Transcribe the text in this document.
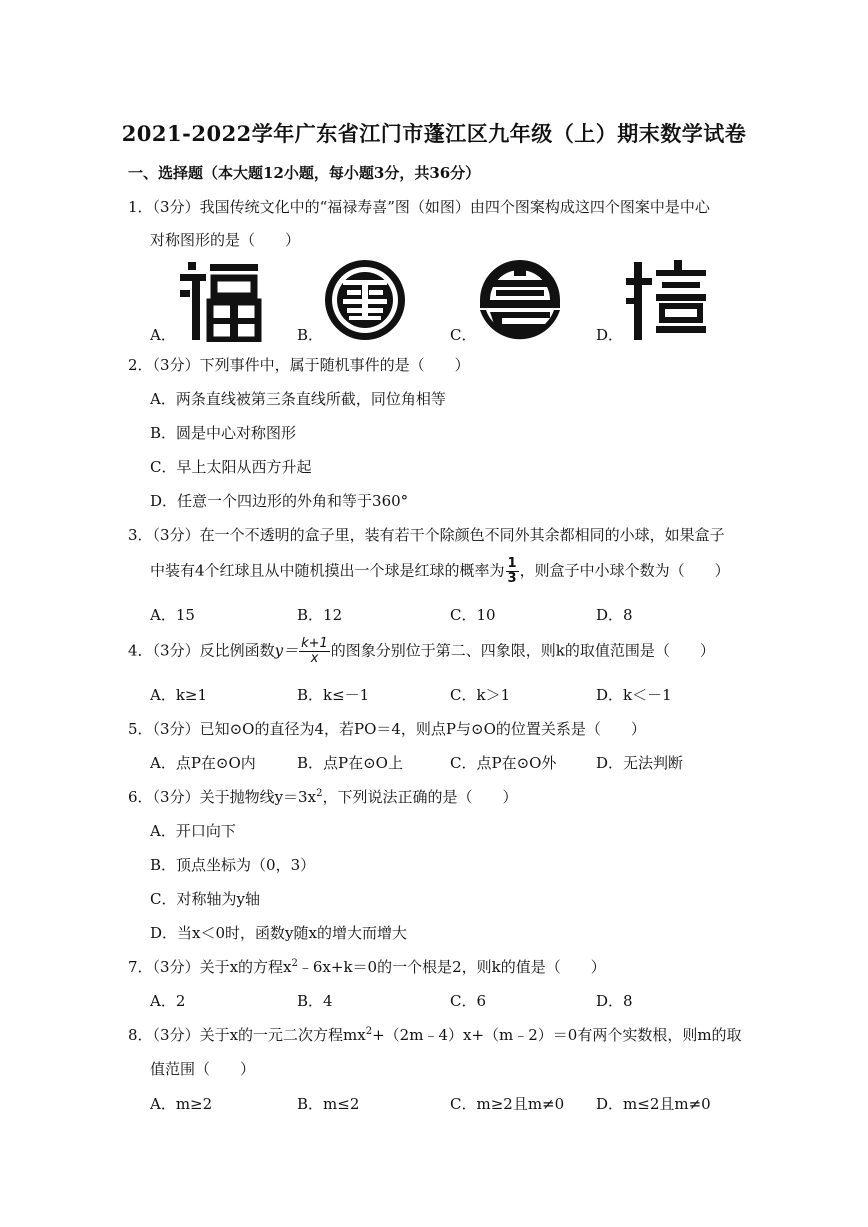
2021-2022学年广东省江门市蓬江区九年级（上）期末数学试卷
一、选择题（本大题12小题，每小题3分，共36分）
1．（3分）我国传统文化中的“福禄寿喜”图（如图）由四个图案构成这四个图案中是中心
对称图形的是（　　）
A．	B．	C．	D．
2．（3分）下列事件中，属于随机事件的是（　　）
A．两条直线被第三条直线所截，同位角相等
B．圆是中心对称图形
C．早上太阳从西方升起
D．任意一个四边形的外角和等于360°
3．（3分）在一个不透明的盒子里，装有若干个除颜色不同外其余都相同的小球，如果盒子
中装有4个红球且从中随机摸出一个球是红球的概率为 $\frac{1}{3}$ ，则盒子中小球个数为（　　）
A．15	B．12	C．10	D．8
4．（3分）反比例函数$y= \frac{k+1}{x}$ 的图象分别位于第二、四象限，则k的取值范围是（　　）
A．k≥1	B．k≤－1	C．k＞1	D．k＜－1
5．（3分）已知⊙O的直径为4，若PO＝4，则点P与⊙O的位置关系是（　　）
A．点P在⊙O内	B．点P在⊙O上	C．点P在⊙O外	D．无法判断
6．（3分）关于抛物线$y=3x^2$，下列说法正确的是（　　）
A．开口向下
B．顶点坐标为（0，3）
C．对称轴为y轴
D．当x＜0时，函数y随x的增大而增大
7．（3分）关于x的方程$x^2﹣6x+k=0$的一个根是2，则k的值是（　　）
A．2	B．4	C．6	D．8
8．（3分）关于x的一元二次方程$mx^2+(2m﹣4)x+(m﹣2)=0$有两个实数根，则m的取
值范围（　　）
A．m≥2	B．m≤2	C．m≥2且m≠0 D．m≤2且m≠0
